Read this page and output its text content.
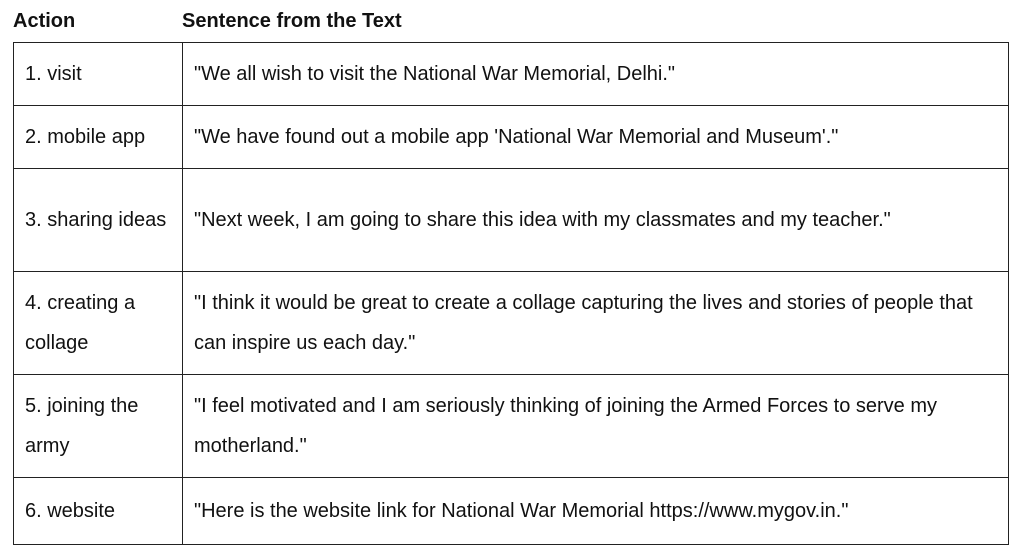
Action	Sentence from the Text
1. visit	"We all wish to visit the National War Memorial, Delhi."
2. mobile app	"We have found out a mobile app 'National War Memorial and Museum'."
3. sharing ideas	"Next week, I am going to share this idea with my classmates and my teacher."
4. creating a collage	"I think it would be great to create a collage capturing the lives and stories of people that can inspire us each day."
5. joining the army	"I feel motivated and I am seriously thinking of joining the Armed Forces to serve my motherland."
6. website	"Here is the website link for National War Memorial https://www.mygov.in."
